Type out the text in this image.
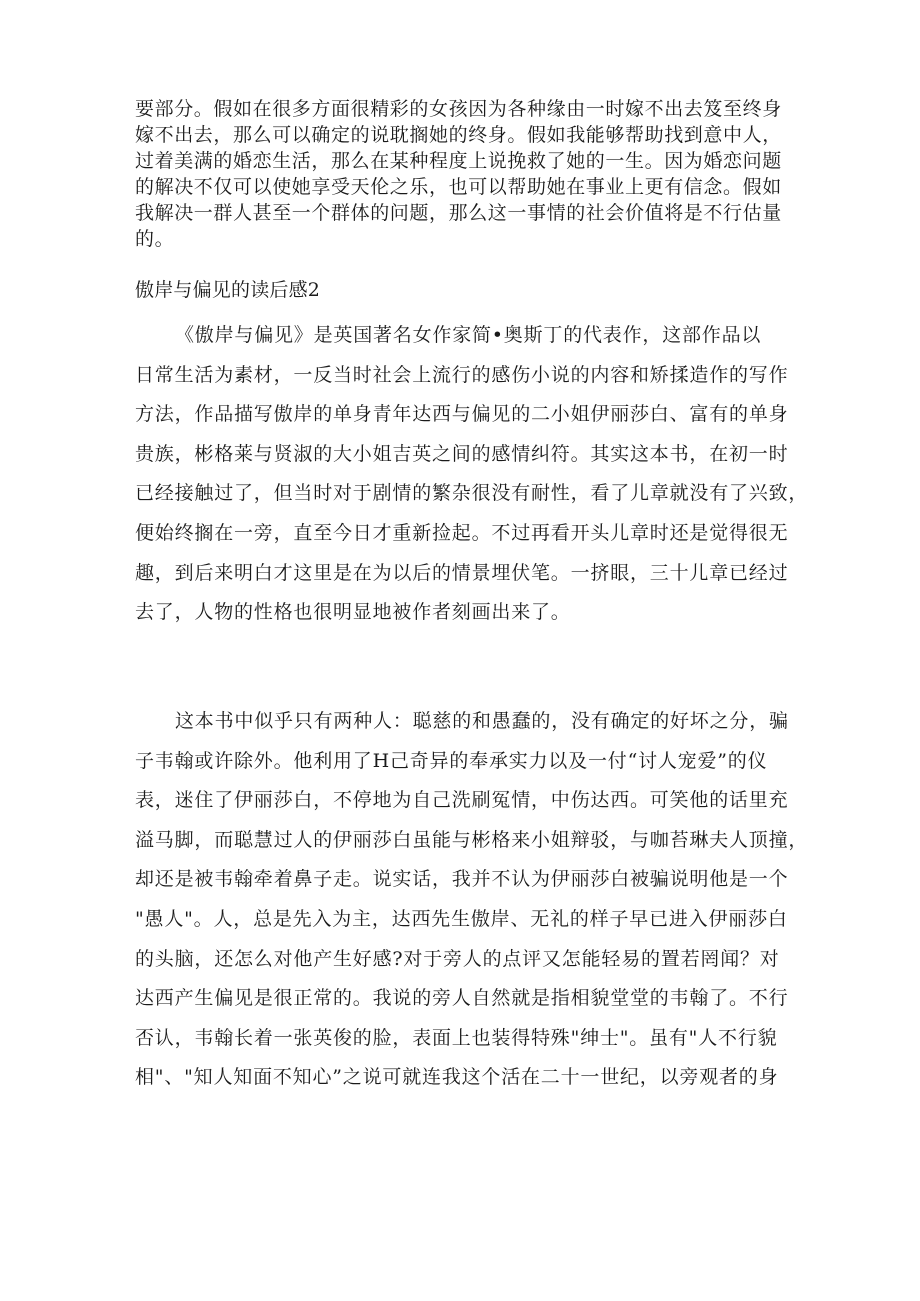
要部分。假如在很多方面很精彩的女孩因为各种缘由一时嫁不出去笈至终身
嫁不出去，那么可以确定的说耽搁她的终身。假如我能够帮助找到意中人，
过着美满的婚恋生活，那么在某种程度上说挽救了她的一生。因为婚恋问题
的解决不仅可以使她享受天伦之乐，也可以帮助她在事业上更有信念。假如
我解决一群人甚至一个群体的问题，那么这一事情的社会价值将是不行估量
的。
傲岸与偏见的读后感2
《傲岸与偏见》是英国著名女作家简•奥斯丁的代表作，这部作品以
日常生活为素材，一反当时社会上流行的感伤小说的内容和矫揉造作的写作
方法，作品描写傲岸的单身青年达西与偏见的二小姐伊丽莎白、富有的单身
贵族，彬格莱与贤淑的大小姐吉英之间的感情纠符。其实这本书，在初一时
已经接触过了，但当时对于剧情的繁杂很没有耐性，看了儿章就没有了兴致，
便始终搁在一旁，直至今日才重新捡起。不过再看开头儿章时还是觉得很无
趣，到后来明白才这里是在为以后的情景埋伏笔。一挤眼，三十儿章已经过
去了，人物的性格也很明显地被作者刻画出来了。
这本书中似乎只有两种人：聪慈的和愚蠢的，没有确定的好坏之分，骗
子韦翰或许除外。他利用了H己奇异的奉承实力以及一付“讨人宠爱”的仪
表，迷住了伊丽莎白，不停地为自己洗刷冤情，中伤达西。可笑他的话里充
溢马脚，而聪慧过人的伊丽莎白虽能与彬格来小姐辩驳，与咖苔琳夫人顶撞，
却还是被韦翰牵着鼻子走。说实话，我并不认为伊丽莎白被骗说明他是一个
"愚人"。人，总是先入为主，达西先生傲岸、无礼的样子早已进入伊丽莎白
的头脑，还怎么对他产生好感?对于旁人的点评又怎能轻易的置若罔闻？对
达西产生偏见是很正常的。我说的旁人自然就是指相貌堂堂的韦翰了。不行
否认，韦翰长着一张英俊的脸，表面上也装得特殊"绅士"。虽有"人不行貌
相"、"知人知面不知心”之说可就连我这个活在二十一世纪，以旁观者的身
